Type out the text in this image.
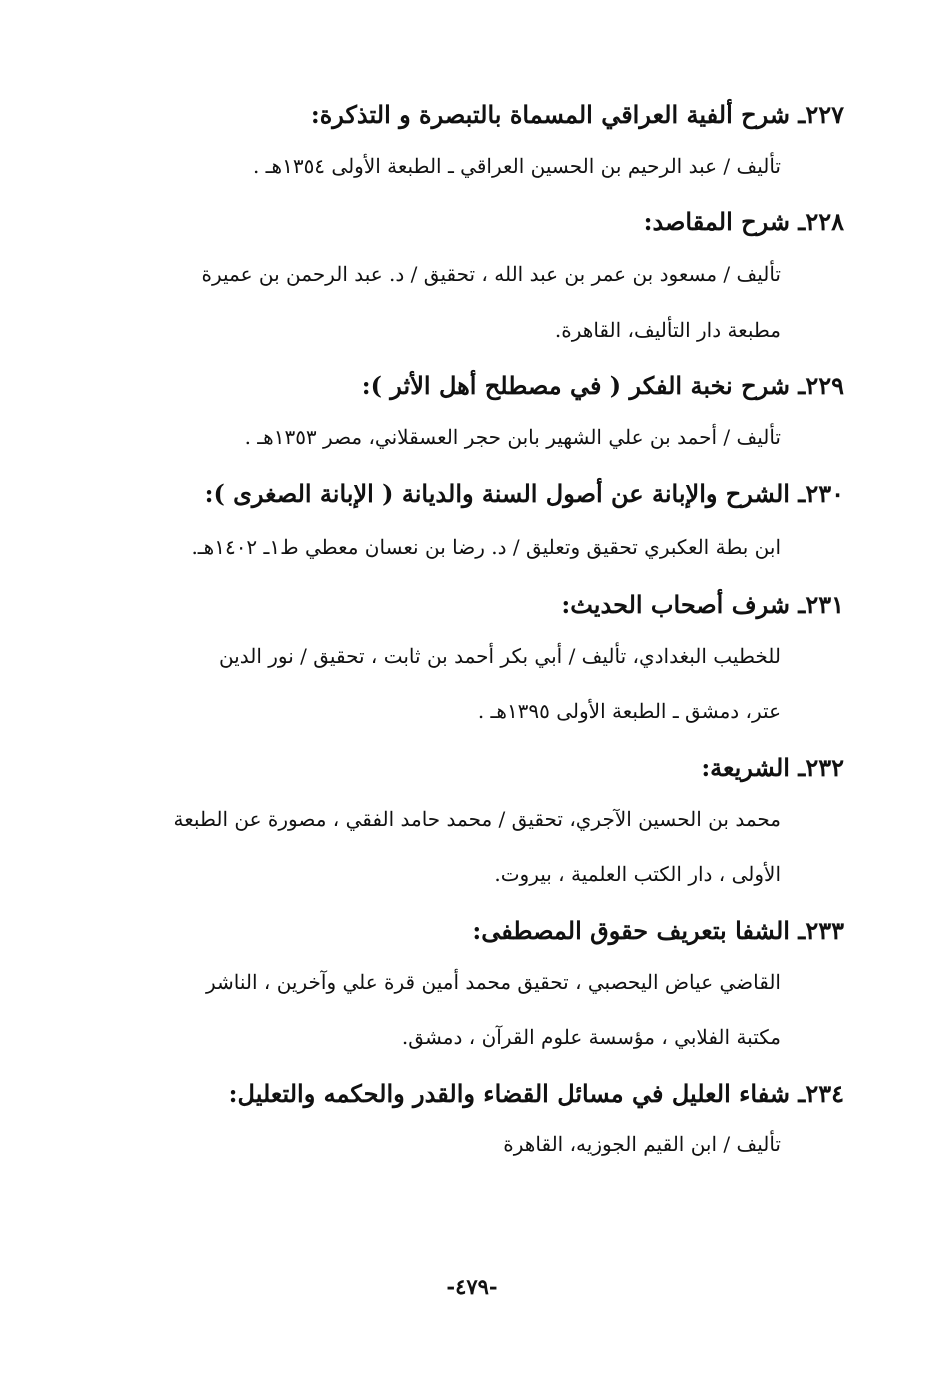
٢٢٧ـ شرح ألفية العراقي المسماة بالتبصرة و التذكرة:
تأليف / عبد الرحيم بن الحسين العراقي ـ الطبعة الأولى ١٣٥٤هـ .
٢٢٨ـ شرح المقاصد:
تأليف / مسعود بن عمر بن عبد الله ، تحقيق / د. عبد الرحمن بن عميرة
مطبعة دار التأليف، القاهرة.
٢٢٩ـ شرح نخبة الفكر ( في مصطلح أهل الأثر ):
تأليف / أحمد بن علي الشهير بابن حجر العسقلاني، مصر ١٣٥٣هـ .
٢٣٠ـ الشرح والإبانة عن أصول السنة والديانة ( الإبانة الصغرى ):
ابن بطة العكبري تحقيق وتعليق / د. رضا بن نعسان معطي ط١ـ ١٤٠٢هـ.
٢٣١ـ شرف أصحاب الحديث:
للخطيب البغدادي، تأليف / أبي بكر أحمد بن ثابت ، تحقيق / نور الدين
عتر، دمشق ـ الطبعة الأولى ١٣٩٥هـ .
٢٣٢ـ الشريعة:
محمد بن الحسين الآجري، تحقيق / محمد حامد الفقي ، مصورة عن الطبعة
الأولى ، دار الكتب العلمية ، بيروت.
٢٣٣ـ الشفا بتعريف حقوق المصطفى:
القاضي عياض اليحصبي ، تحقيق محمد أمين قرة علي وآخرين ، الناشر
مكتبة الفلابي ، مؤسسة علوم القرآن ، دمشق.
٢٣٤ـ شفاء العليل في مسائل القضاء والقدر والحكمه والتعليل:
تأليف / ابن القيم الجوزيه، القاهرة
-٤٧٩-
